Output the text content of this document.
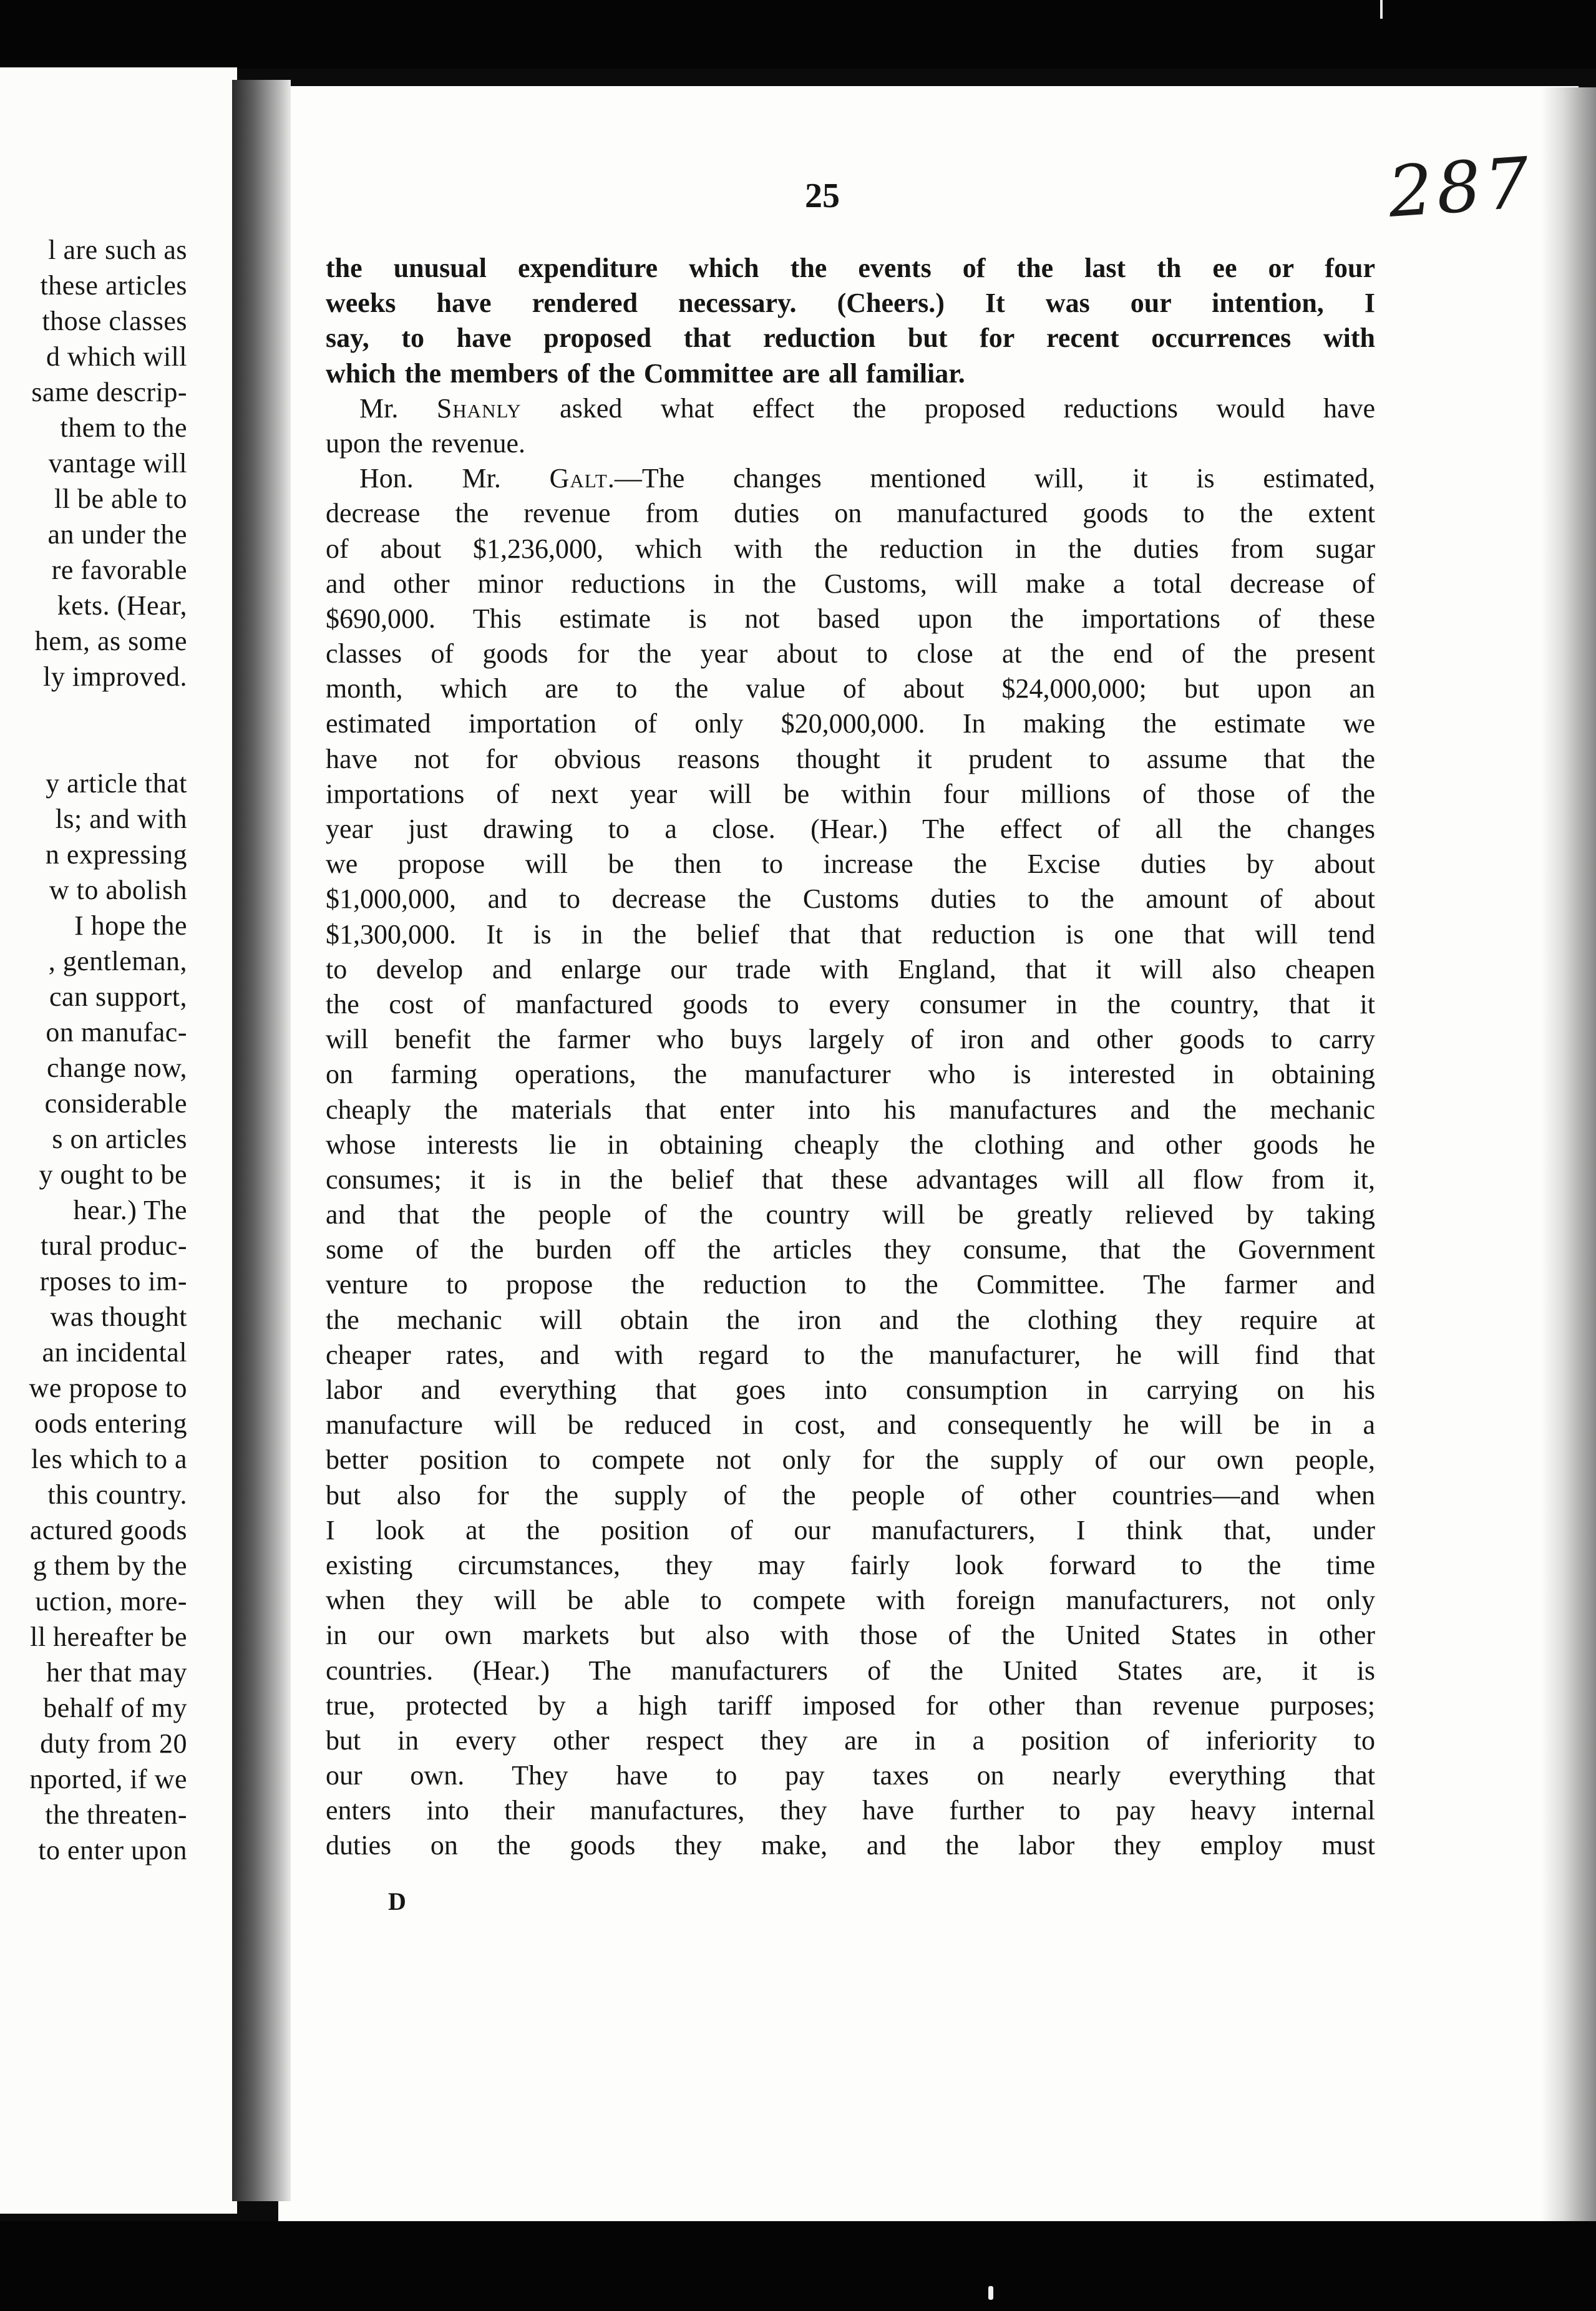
l are such as
these articles
those classes
d which will
same descrip-
them to the
vantage will
ll be able to
an under the
re favorable
kets. (Hear,
hem, as some
ly improved.
y article that
ls; and with
n expressing
w to abolish
I hope the
, gentleman,
can support,
on manufac-
change now,
considerable
s on articles
y ought to be
hear.) The
tural produc-
rposes to im-
was thought
an incidental
we propose to
oods entering
les which to a
this country.
actured goods
g them by the
uction, more-
ll hereafter be
her that may
behalf of my
duty from 20
nported, if we
the threaten-
to enter upon
25	287
the unusual expenditure which the events of the last th ee or four
weeks have rendered necessary. (Cheers.) It was our intention, I
say, to have proposed that reduction but for recent occurrences with
which the members of the Committee are all familiar.
Mr. Shanly asked what effect the proposed reductions would have
upon the revenue.
Hon. Mr. Galt.—The changes mentioned will, it is estimated,
decrease the revenue from duties on manufactured goods to the extent
of about $1,236,000, which with the reduction in the duties from sugar
and other minor reductions in the Customs, will make a total decrease of
$690,000. This estimate is not based upon the importations of these
classes of goods for the year about to close at the end of the present
month, which are to the value of about $24,000,000; but upon an
estimated importation of only $20,000,000. In making the estimate we
have not for obvious reasons thought it prudent to assume that the
importations of next year will be within four millions of those of the
year just drawing to a close. (Hear.) The effect of all the changes
we propose will be then to increase the Excise duties by about
$1,000,000, and to decrease the Customs duties to the amount of about
$1,300,000. It is in the belief that that reduction is one that will tend
to develop and enlarge our trade with England, that it will also cheapen
the cost of manfactured goods to every consumer in the country, that it
will benefit the farmer who buys largely of iron and other goods to carry
on farming operations, the manufacturer who is interested in obtaining
cheaply the materials that enter into his manufactures and the mechanic
whose interests lie in obtaining cheaply the clothing and other goods he
consumes; it is in the belief that these advantages will all flow from it,
and that the people of the country will be greatly relieved by taking
some of the burden off the articles they consume, that the Government
venture to propose the reduction to the Committee. The farmer and
the mechanic will obtain the iron and the clothing they require at
cheaper rates, and with regard to the manufacturer, he will find that
labor and everything that goes into consumption in carrying on his
manufacture will be reduced in cost, and consequently he will be in a
better position to compete not only for the supply of our own people,
but also for the supply of the people of other countries—and when
I look at the position of our manufacturers, I think that, under
existing circumstances, they may fairly look forward to the time
when they will be able to compete with foreign manufacturers, not only
in our own markets but also with those of the United States in other
countries. (Hear.) The manufacturers of the United States are, it is
true, protected by a high tariff imposed for other than revenue purposes;
but in every other respect they are in a position of inferiority to
our own. They have to pay taxes on nearly everything that
enters into their manufactures, they have further to pay heavy internal
duties on the goods they make, and the labor they employ must
D
